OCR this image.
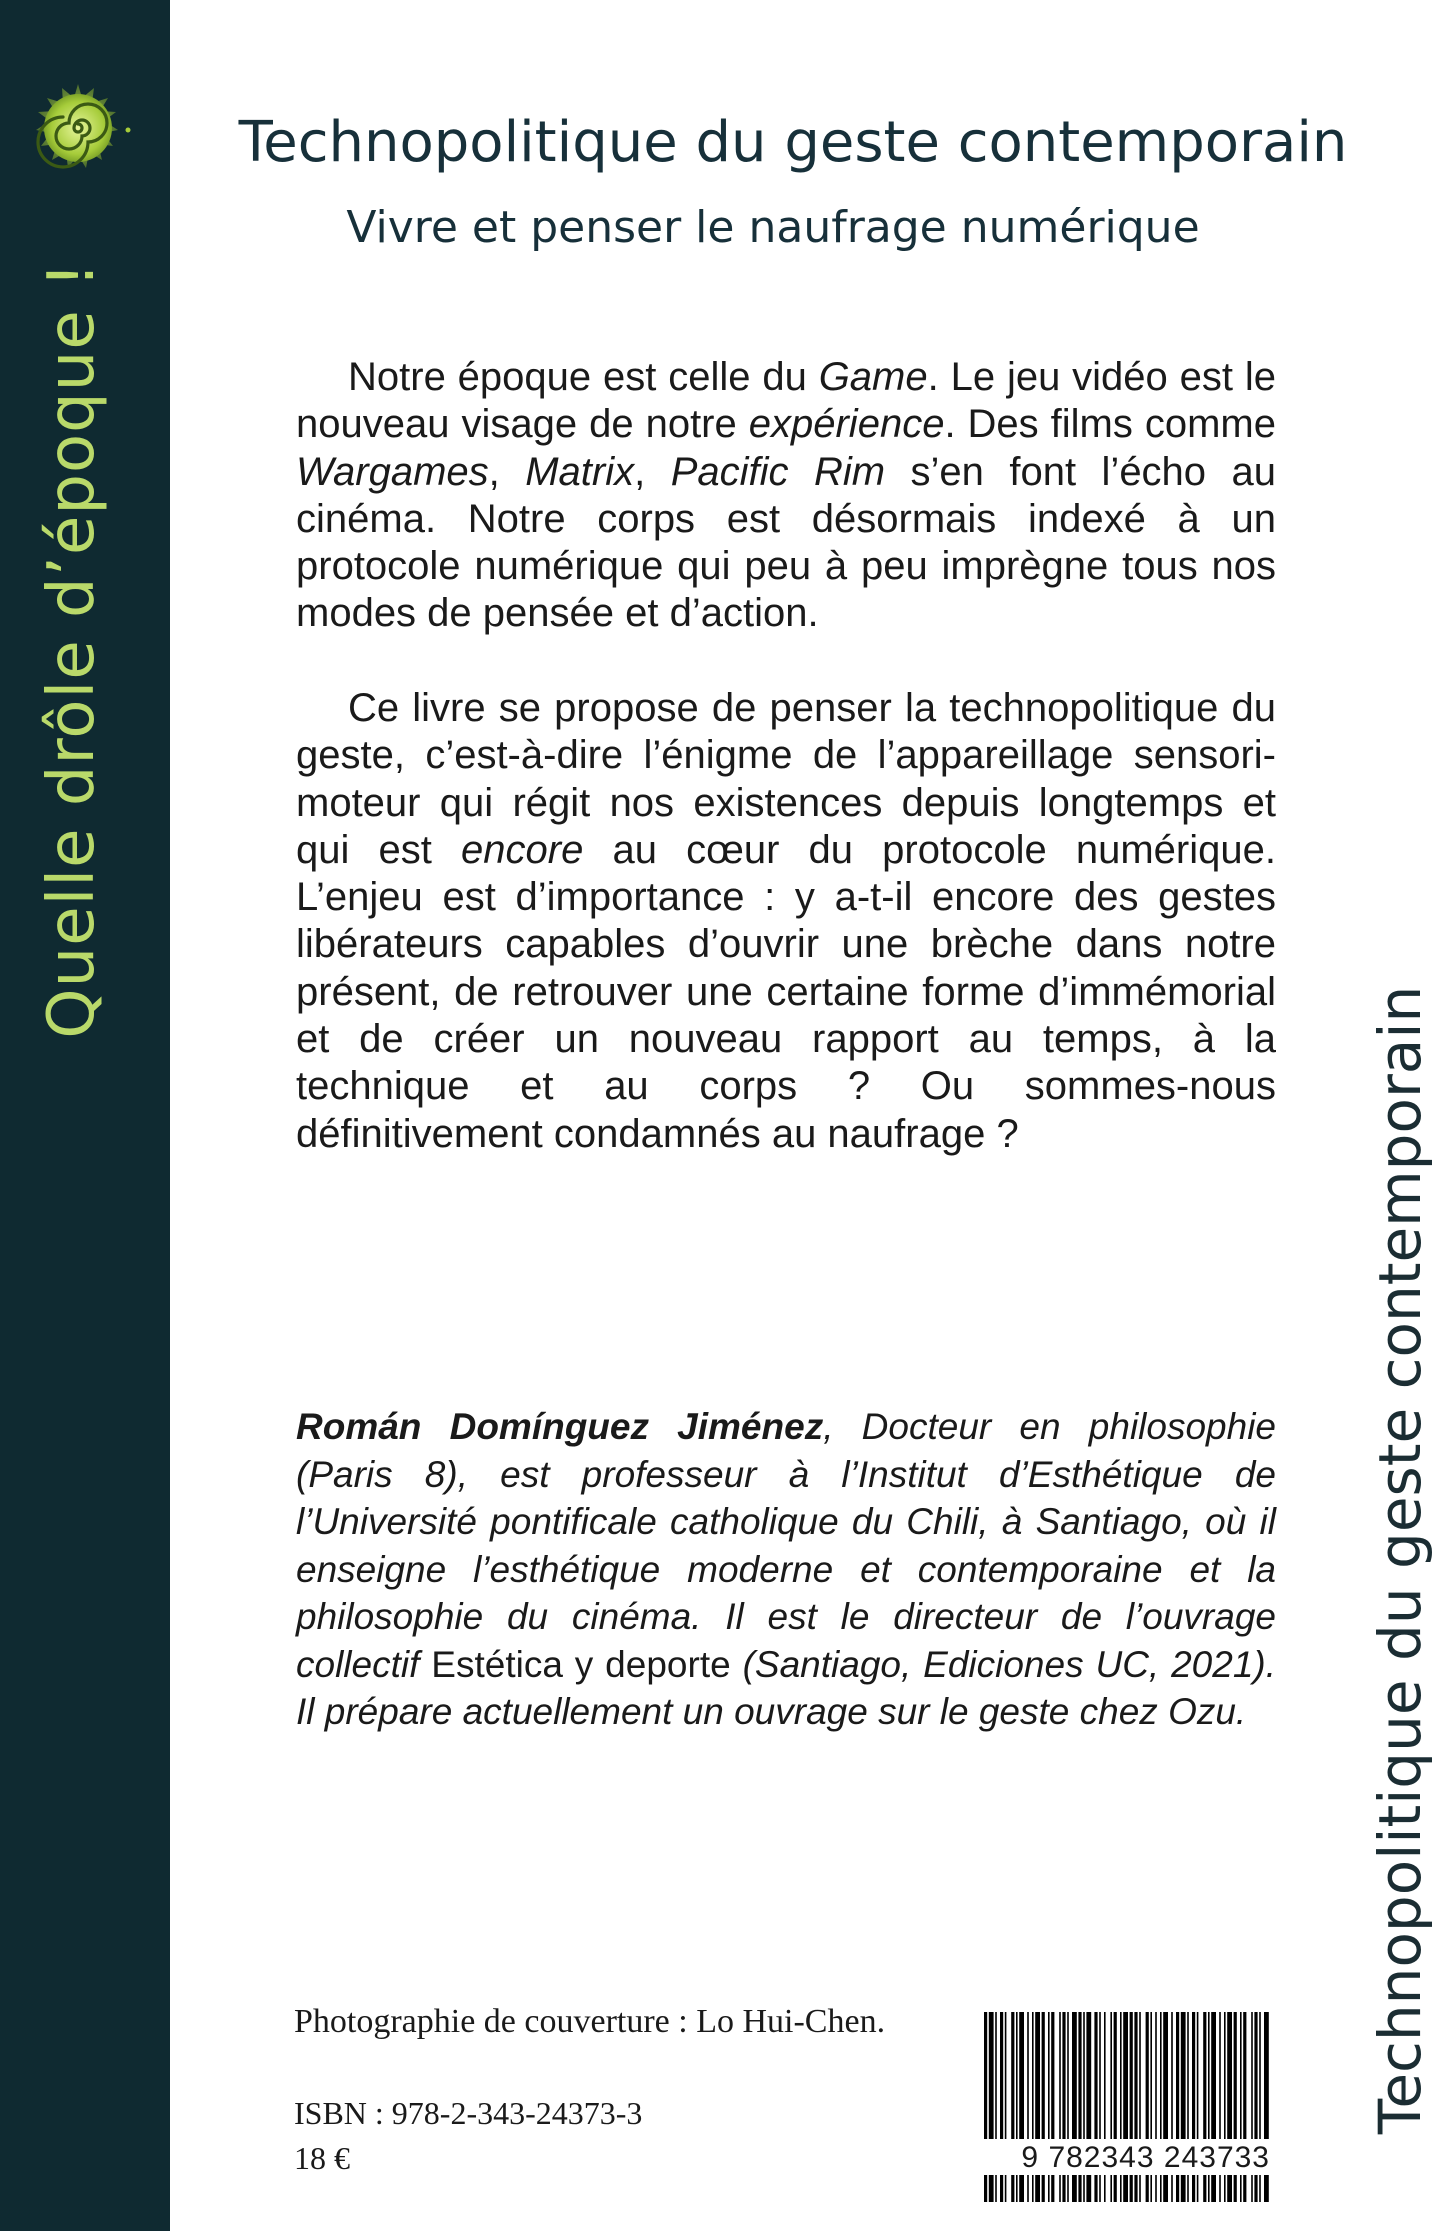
Quelle drôle d’époque !
Technopolitique du geste contemporain
Vivre et penser le naufrage numérique

Notre époque est celle du Game. Le jeu vidéo est le nouveau visage de notre expérience. Des films comme Wargames, Matrix, Pacific Rim s’en font l’écho au cinéma. Notre corps est désormais indexé à un protocole numérique qui peu à peu imprègne tous nos modes de pensée et d’action.

Ce livre se propose de penser la technopolitique du geste, c’est-à-dire l’énigme de l’appareillage sensori-moteur qui régit nos existences depuis longtemps et qui est encore au cœur du protocole numérique. L’enjeu est d’importance : y a-t-il encore des gestes libérateurs capables d’ouvrir une brèche dans notre présent, de retrouver une certaine forme d’immémorial et de créer un nouveau rapport au temps, à la technique et au corps ? Ou sommes-nous définitivement condamnés au naufrage ?

Román Domínguez Jiménez, Docteur en philosophie (Paris 8), est professeur à l’Institut d’Esthétique de l’Université pontificale catholique du Chili, à Santiago, où il enseigne l’esthétique moderne et contemporaine et la philosophie du cinéma. Il est le directeur de l’ouvrage collectif Estética y deporte (Santiago, Ediciones UC, 2021). Il prépare actuellement un ouvrage sur le geste chez Ozu.

Photographie de couverture : Lo Hui-Chen.

ISBN : 978-2-343-24373-3

18 €	9 782343 243733
Technopolitique du geste contemporain
